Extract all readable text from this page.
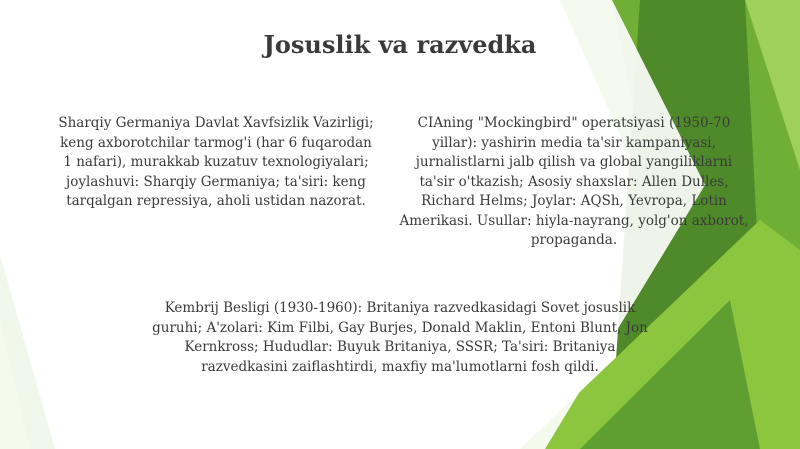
Josuslik va razvedka

Sharqiy Germaniya Davlat Xavfsizlik Vazirligi; keng axborotchilar tarmog'i (har 6 fuqarodan 1 nafari), murakkab kuzatuv texnologiyalari; joylashuvi: Sharqiy Germaniya; ta'siri: keng tarqalgan repressiya, aholi ustidan nazorat.

CIAning "Mockingbird" operatsiyasi (1950-70 yillar): yashirin media ta'sir kampaniyasi, jurnalistlarni jalb qilish va global yangiliklarni ta'sir o'tkazish; Asosiy shaxslar: Allen Dulles, Richard Helms; Joylar: AQSh, Yevropa, Lotin Amerikasi. Usullar: hiyla-nayrang, yolg'on axborot, propaganda.

Kembrij Besligi (1930-1960): Britaniya razvedkasidagi Sovet josuslik guruhi; A'zolari: Kim Filbi, Gay Burjes, Donald Maklin, Entoni Blunt, Jon Kernkross; Hududlar: Buyuk Britaniya, SSSR; Ta'siri: Britaniya razvedkasini zaiflashtirdi, maxfiy ma'lumotlarni fosh qildi.
